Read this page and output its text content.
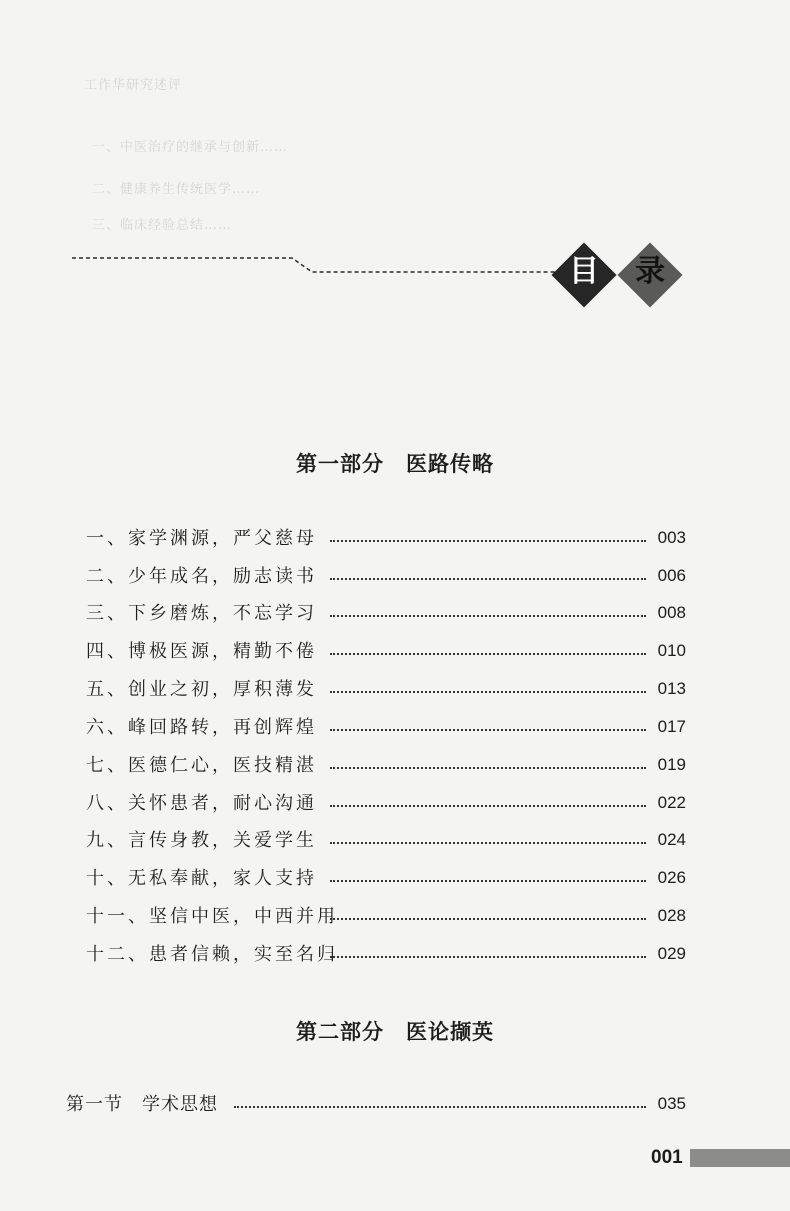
工作华研究述评
一、中医治疗的继承与创新……
二、健康养生传统医学……
三、临床经验总结……
目 录
第一部分　医路传略
一、家学渊源，严父慈母	003
二、少年成名，励志读书	006
三、下乡磨炼，不忘学习	008
四、博极医源，精勤不倦	010
五、创业之初，厚积薄发	013
六、峰回路转，再创辉煌	017
七、医德仁心，医技精湛	019
八、关怀患者，耐心沟通	022
九、言传身教，关爱学生	024
十、无私奉献，家人支持	026
十一、坚信中医，中西并用	028
十二、患者信赖，实至名归	029
第二部分　医论撷英
第一节　学术思想	035
001
